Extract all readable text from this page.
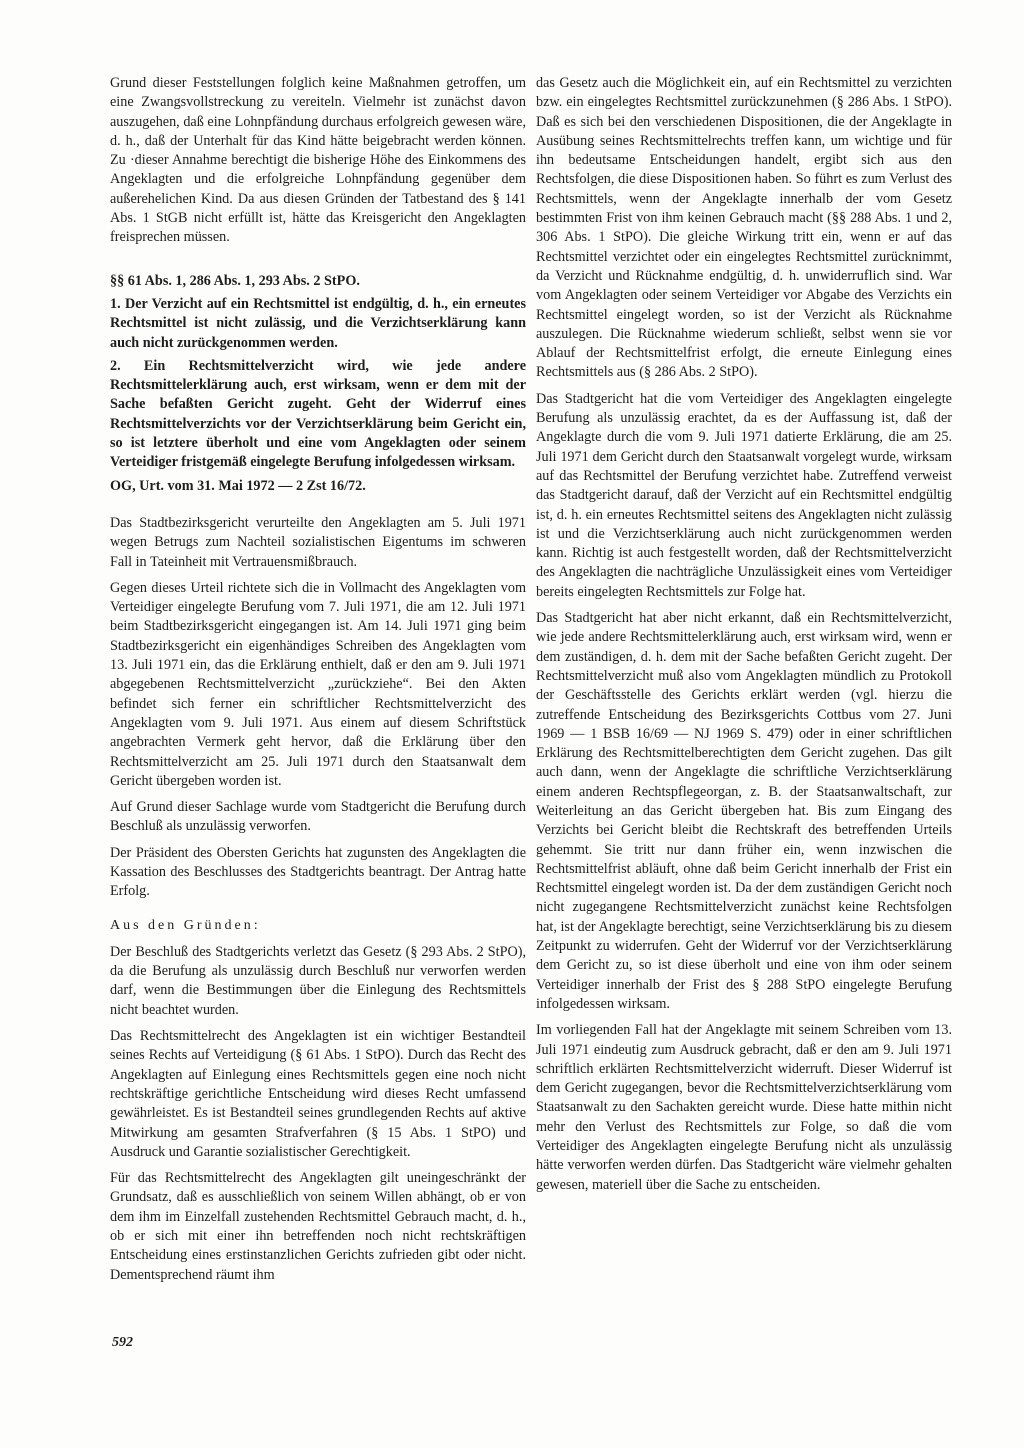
Grund dieser Feststellungen folglich keine Maßnahmen getroffen, um eine Zwangsvollstreckung zu vereiteln. Vielmehr ist zunächst davon auszugehen, daß eine Lohnpfändung durchaus erfolgreich gewesen wäre, d. h., daß der Unterhalt für das Kind hätte beigebracht werden können. Zu ·dieser Annahme berechtigt die bisherige Höhe des Einkommens des Angeklagten und die erfolgreiche Lohnpfändung gegenüber dem außerehelichen Kind. Da aus diesen Gründen der Tatbestand des § 141 Abs. 1 StGB nicht erfüllt ist, hätte das Kreisgericht den Angeklagten freisprechen müssen.

§§ 61 Abs. 1, 286 Abs. 1, 293 Abs. 2 StPO.

1. Der Verzicht auf ein Rechtsmittel ist endgültig, d. h., ein erneutes Rechtsmittel ist nicht zulässig, und die Verzichtserklärung kann auch nicht zurückgenommen werden.

2. Ein Rechtsmittelverzicht wird, wie jede andere Rechtsmittelerklärung auch, erst wirksam, wenn er dem mit der Sache befaßten Gericht zugeht. Geht der Widerruf eines Rechtsmittelverzichts vor der Verzichtserklärung beim Gericht ein, so ist letztere überholt und eine vom Angeklagten oder seinem Verteidiger fristgemäß eingelegte Berufung infolgedessen wirksam.

OG, Urt. vom 31. Mai 1972 — 2 Zst 16/72.

Das Stadtbezirksgericht verurteilte den Angeklagten am 5. Juli 1971 wegen Betrugs zum Nachteil sozialistischen Eigentums im schweren Fall in Tateinheit mit Vertrauensmißbrauch.

Gegen dieses Urteil richtete sich die in Vollmacht des Angeklagten vom Verteidiger eingelegte Berufung vom 7. Juli 1971, die am 12. Juli 1971 beim Stadtbezirksgericht eingegangen ist. Am 14. Juli 1971 ging beim Stadtbezirksgericht ein eigenhändiges Schreiben des Angeklagten vom 13. Juli 1971 ein, das die Erklärung enthielt, daß er den am 9. Juli 1971 abgegebenen Rechtsmittelverzicht „zurückziehe“. Bei den Akten befindet sich ferner ein schriftlicher Rechtsmittelverzicht des Angeklagten vom 9. Juli 1971. Aus einem auf diesem Schriftstück angebrachten Vermerk geht hervor, daß die Erklärung über den Rechtsmittelverzicht am 25. Juli 1971 durch den Staatsanwalt dem Gericht übergeben worden ist.

Auf Grund dieser Sachlage wurde vom Stadtgericht die Berufung durch Beschluß als unzulässig verworfen.

Der Präsident des Obersten Gerichts hat zugunsten des Angeklagten die Kassation des Beschlusses des Stadtgerichts beantragt. Der Antrag hatte Erfolg.

Aus den Gründen:

Der Beschluß des Stadtgerichts verletzt das Gesetz (§ 293 Abs. 2 StPO), da die Berufung als unzulässig durch Beschluß nur verworfen werden darf, wenn die Bestimmungen über die Einlegung des Rechtsmittels nicht beachtet wurden.

Das Rechtsmittelrecht des Angeklagten ist ein wichtiger Bestandteil seines Rechts auf Verteidigung (§ 61 Abs. 1 StPO). Durch das Recht des Angeklagten auf Einlegung eines Rechtsmittels gegen eine noch nicht rechtskräftige gerichtliche Entscheidung wird dieses Recht umfassend gewährleistet. Es ist Bestandteil seines grundlegenden Rechts auf aktive Mitwirkung am gesamten Strafverfahren (§ 15 Abs. 1 StPO) und Ausdruck und Garantie sozialistischer Gerechtigkeit.

Für das Rechtsmittelrecht des Angeklagten gilt uneingeschränkt der Grundsatz, daß es ausschließlich von seinem Willen abhängt, ob er von dem ihm im Einzelfall zustehenden Rechtsmittel Gebrauch macht, d. h., ob er sich mit einer ihn betreffenden noch nicht rechtskräftigen Entscheidung eines erstinstanzlichen Gerichts zufrieden gibt oder nicht. Dementsprechend räumt ihm

das Gesetz auch die Möglichkeit ein, auf ein Rechtsmittel zu verzichten bzw. ein eingelegtes Rechtsmittel zurückzunehmen (§ 286 Abs. 1 StPO). Daß es sich bei den verschiedenen Dispositionen, die der Angeklagte in Ausübung seines Rechtsmittelrechts treffen kann, um wichtige und für ihn bedeutsame Entscheidungen handelt, ergibt sich aus den Rechtsfolgen, die diese Dispositionen haben. So führt es zum Verlust des Rechtsmittels, wenn der Angeklagte innerhalb der vom Gesetz bestimmten Frist von ihm keinen Gebrauch macht (§§ 288 Abs. 1 und 2, 306 Abs. 1 StPO). Die gleiche Wirkung tritt ein, wenn er auf das Rechtsmittel verzichtet oder ein eingelegtes Rechtsmittel zurücknimmt, da Verzicht und Rücknahme endgültig, d. h. unwiderruflich sind. War vom Angeklagten oder seinem Verteidiger vor Abgabe des Verzichts ein Rechtsmittel eingelegt worden, so ist der Verzicht als Rücknahme auszulegen. Die Rücknahme wiederum schließt, selbst wenn sie vor Ablauf der Rechtsmittelfrist erfolgt, die erneute Einlegung eines Rechtsmittels aus (§ 286 Abs. 2 StPO).

Das Stadtgericht hat die vom Verteidiger des Angeklagten eingelegte Berufung als unzulässig erachtet, da es der Auffassung ist, daß der Angeklagte durch die vom 9. Juli 1971 datierte Erklärung, die am 25. Juli 1971 dem Gericht durch den Staatsanwalt vorgelegt wurde, wirksam auf das Rechtsmittel der Berufung verzichtet habe. Zutreffend verweist das Stadtgericht darauf, daß der Verzicht auf ein Rechtsmittel endgültig ist, d. h. ein erneutes Rechtsmittel seitens des Angeklagten nicht zulässig ist und die Verzichtserklärung auch nicht zurückgenommen werden kann. Richtig ist auch festgestellt worden, daß der Rechtsmittelverzicht des Angeklagten die nachträgliche Unzulässigkeit eines vom Verteidiger bereits eingelegten Rechtsmittels zur Folge hat.

Das Stadtgericht hat aber nicht erkannt, daß ein Rechtsmittelverzicht, wie jede andere Rechtsmittelerklärung auch, erst wirksam wird, wenn er dem zuständigen, d. h. dem mit der Sache befaßten Gericht zugeht. Der Rechtsmittelverzicht muß also vom Angeklagten mündlich zu Protokoll der Geschäftsstelle des Gerichts erklärt werden (vgl. hierzu die zutreffende Entscheidung des Bezirksgerichts Cottbus vom 27. Juni 1969 — 1 BSB 16/69 — NJ 1969 S. 479) oder in einer schriftlichen Erklärung des Rechtsmittelberechtigten dem Gericht zugehen. Das gilt auch dann, wenn der Angeklagte die schriftliche Verzichtserklärung einem anderen Rechtspflegeorgan, z. B. der Staatsanwaltschaft, zur Weiterleitung an das Gericht übergeben hat. Bis zum Eingang des Verzichts bei Gericht bleibt die Rechtskraft des betreffenden Urteils gehemmt. Sie tritt nur dann früher ein, wenn inzwischen die Rechtsmittelfrist abläuft, ohne daß beim Gericht innerhalb der Frist ein Rechtsmittel eingelegt worden ist. Da der dem zuständigen Gericht noch nicht zugegangene Rechtsmittelverzicht zunächst keine Rechtsfolgen hat, ist der Angeklagte berechtigt, seine Verzichtserklärung bis zu diesem Zeitpunkt zu widerrufen. Geht der Widerruf vor der Verzichtserklärung dem Gericht zu, so ist diese überholt und eine von ihm oder seinem Verteidiger innerhalb der Frist des § 288 StPO eingelegte Berufung infolgedessen wirksam.

Im vorliegenden Fall hat der Angeklagte mit seinem Schreiben vom 13. Juli 1971 eindeutig zum Ausdruck gebracht, daß er den am 9. Juli 1971 schriftlich erklärten Rechtsmittelverzicht widerruft. Dieser Widerruf ist dem Gericht zugegangen, bevor die Rechtsmittelverzichtserklärung vom Staatsanwalt zu den Sachakten gereicht wurde. Diese hatte mithin nicht mehr den Verlust des Rechtsmittels zur Folge, so daß die vom Verteidiger des Angeklagten eingelegte Berufung nicht als unzulässig hätte verworfen werden dürfen. Das Stadtgericht wäre vielmehr gehalten gewesen, materiell über die Sache zu entscheiden.

592
